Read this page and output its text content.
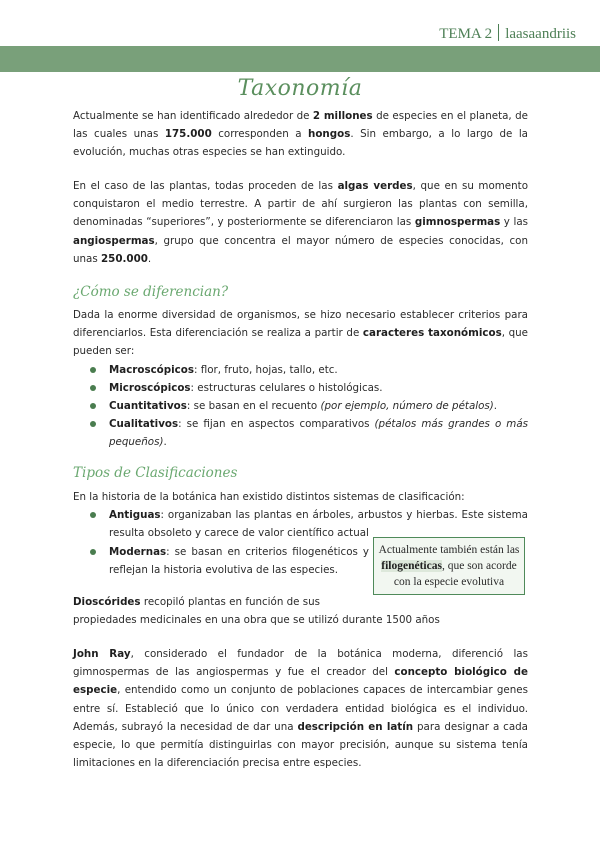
TEMA 2 laasaandriis
Taxonomía

Actualmente se han identificado alrededor de 2 millones de especies en el planeta, de las cuales unas 175.000 corresponden a hongos. Sin embargo, a lo largo de la evolución, muchas otras especies se han extinguido.

En el caso de las plantas, todas proceden de las algas verdes, que en su momento conquistaron el medio terrestre. A partir de ahí surgieron las plantas con semilla, denominadas “superiores”, y posteriormente se diferenciaron las gimnospermas y las angiospermas, grupo que concentra el mayor número de especies conocidas, con unas 250.000.

¿Cómo se diferencian?

Dada la enorme diversidad de organismos, se hizo necesario establecer criterios para diferenciarlos. Esta diferenciación se realiza a partir de caracteres taxonómicos, que pueden ser:

Macroscópicos: flor, fruto, hojas, tallo, etc.
Microscópicos: estructuras celulares o histológicas.
Cuantitativos: se basan en el recuento (por ejemplo, número de pétalos).
Cualitativos: se fijan en aspectos comparativos (pétalos más grandes o más pequeños).
Tipos de Clasificaciones

En la historia de la botánica han existido distintos sistemas de clasificación:

Antiguas: organizaban las plantas en árboles, arbustos y hierbas. Este sistema resulta obsoleto y carece de valor científico actual
Modernas: se basan en criterios filogenéticos y reflejan la historia evolutiva de las especies.

Dioscórides recopiló plantas en función de sus

propiedades medicinales en una obra que se utilizó durante 1500 años

Actualmente también están las
filogenéticas, que son acorde
con la especie evolutiva

John Ray, considerado el fundador de la botánica moderna, diferenció las gimnospermas de las angiospermas y fue el creador del concepto biológico de especie, entendido como un conjunto de poblaciones capaces de intercambiar genes entre sí. Estableció que lo único con verdadera entidad biológica es el individuo. Además, subrayó la necesidad de dar una descripción en latín para designar a cada especie, lo que permitía distinguirlas con mayor precisión, aunque su sistema tenía limitaciones en la diferenciación precisa entre especies.
